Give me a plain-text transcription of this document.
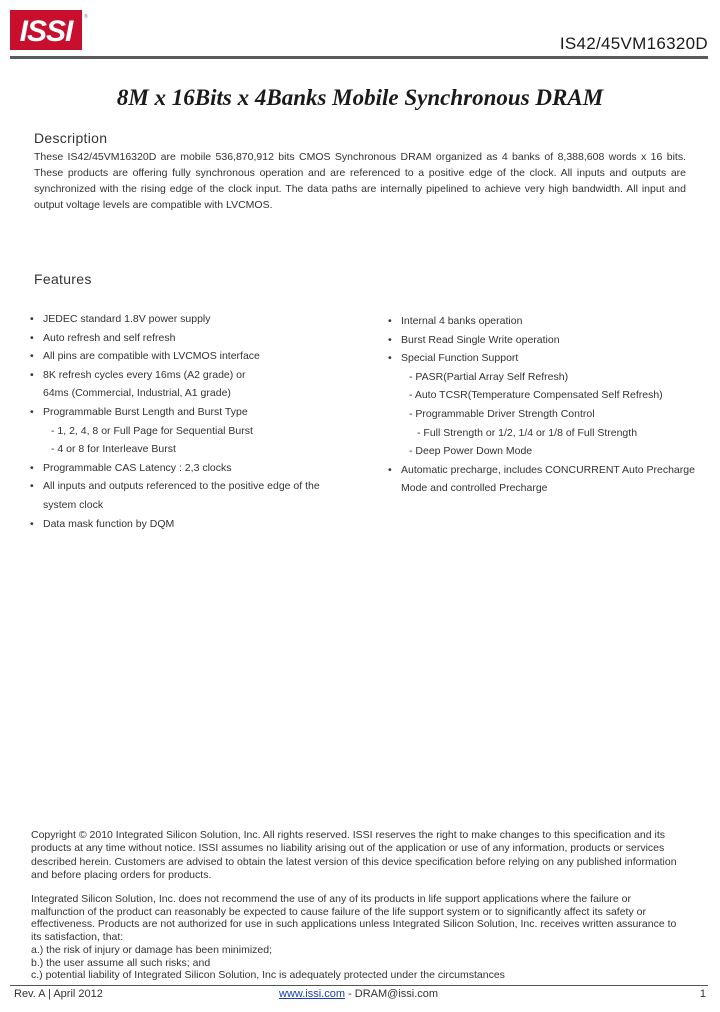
ISSI	®
IS42/45VM16320D
8M x 16Bits x 4Banks Mobile Synchronous DRAM
Description
These IS42/45VM16320D are mobile 536,870,912 bits CMOS Synchronous DRAM organized as 4 banks of 8,388,608 words x 16 bits. These products are offering fully synchronous operation and are referenced to a positive edge of the clock. All inputs and outputs are synchronized with the rising edge of the clock input. The data paths are internally pipelined to achieve very high bandwidth. All input and output voltage levels are compatible with LVCMOS.
Features
• JEDEC standard 1.8V power supply
• Auto refresh and self refresh
• All pins are compatible with LVCMOS interface
• 8K refresh cycles every 16ms (A2 grade) or
64ms (Commercial, Industrial, A1 grade)
• Programmable Burst Length and Burst Type
- 1, 2, 4, 8 or Full Page for Sequential Burst
- 4 or 8 for Interleave Burst
• Programmable CAS Latency : 2,3 clocks
• All inputs and outputs referenced to the positive edge of the
system clock
• Data mask function by DQM
• Internal 4 banks operation
• Burst Read Single Write operation
• Special Function Support
- PASR(Partial Array Self Refresh)
- Auto TCSR(Temperature Compensated Self Refresh)
- Programmable Driver Strength Control
- Full Strength or 1/2, 1/4 or 1/8 of Full Strength
- Deep Power Down Mode
• Automatic precharge, includes CONCURRENT Auto Precharge
Mode and controlled Precharge
Copyright © 2010 Integrated Silicon Solution, Inc. All rights reserved. ISSI reserves the right to make changes to this specification and its
products at any time without notice. ISSI assumes no liability arising out of the application or use of any information, products or services
described herein. Customers are advised to obtain the latest version of this device specification before relying on any published information
and before placing orders for products.
Integrated Silicon Solution, Inc. does not recommend the use of any of its products in life support applications where the failure or
malfunction of the product can reasonably be expected to cause failure of the life support system or to significantly affect its safety or
effectiveness. Products are not authorized for use in such applications unless Integrated Silicon Solution, Inc. receives written assurance to
its satisfaction, that:
a.) the risk of injury or damage has been minimized;
b.) the user assume all such risks; and
c.) potential liability of Integrated Silicon Solution, Inc is adequately protected under the circumstances
Rev. A | April 2012	www.issi.com - DRAM@issi.com	1
